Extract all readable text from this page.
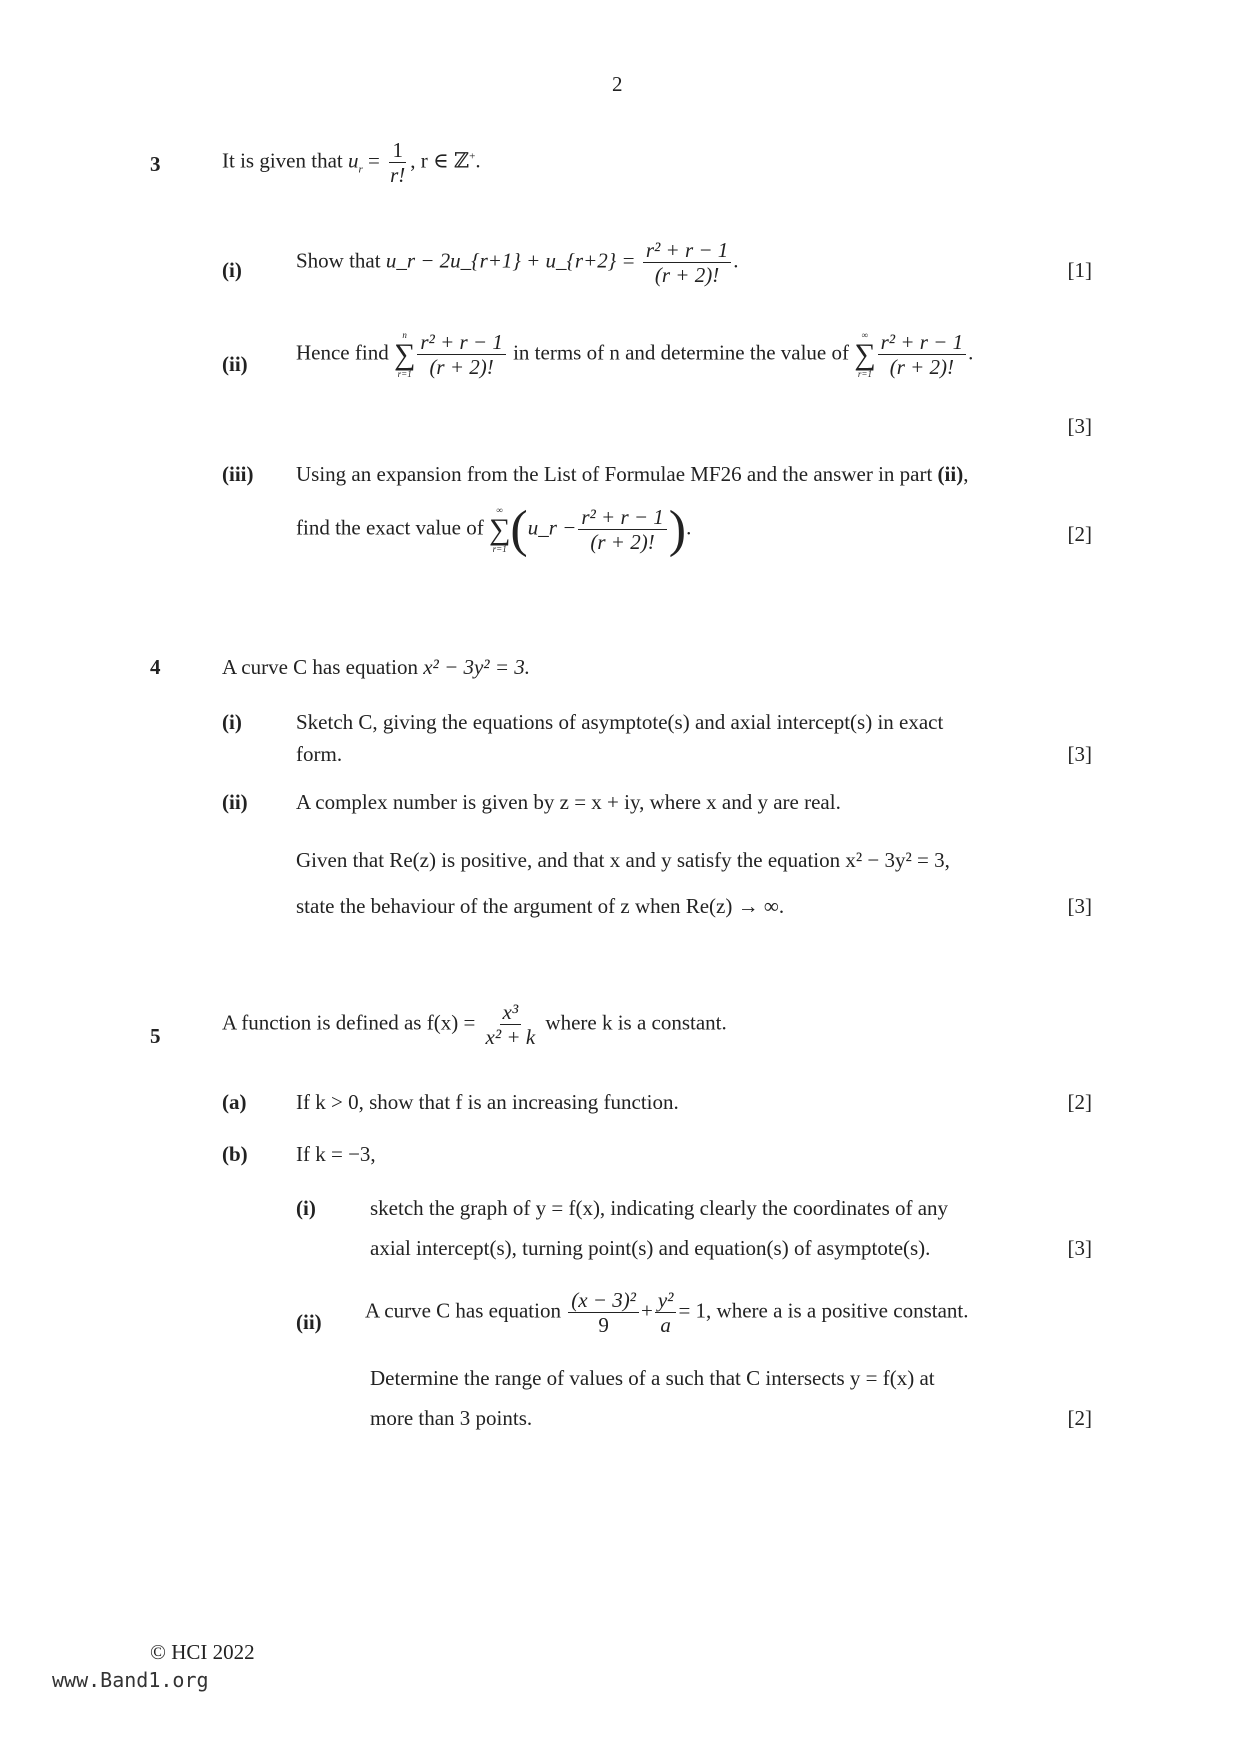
2
3	It is given that $u_r = \frac{1}{r!}$ , r ∈ ℤ+.
(i)	Show that u_r − 2u_{r+1} + u_{r+2} = $\frac{\text{r² + r − 1}}{(r + 2)!}$ .	[1]
(ii) Hence find
n
∑
$r=1 \frac{\text{r² + r − 1}}{(r + 2)!}$ in terms of n and determine the value of
∞
∑
$r=1 \frac{\text{r² + r − 1}}{(r + 2)!}$ .
[3]
(iii) Using an expansion from the List of Formulae MF26 and the answer in part (ii),
find the exact value of
∞
∑
r=1 (u_r − $\frac{\text{r² + r − 1}}{(r + 2)!}$ ).	[2]
4	A curve C has equation x² − 3y² = 3.
(i)	Sketch C, giving the equations of asymptote(s) and axial intercept(s) in exact
form.	[3]
(ii) A complex number is given by z = x + iy, where x and y are real.
Given that Re(z) is positive, and that x and y satisfy the equation x² − 3y² = 3,
state the behaviour of the argument of z when Re(z) → ∞.	[3]
5
A function is defined as $f(x) = \frac{\text{x³}}{\text{x² + k}}$ where k is a constant.
(a) If k > 0, show that f is an increasing function.	[2]
(b) If k = −3,
(i)	sketch the graph of y = f(x), indicating clearly the coordinates of any
axial intercept(s), turning point(s) and equation(s) of asymptote(s).	[3]
(ii) A curve C has equation $\frac{\text{(x − 3)²}}{9} + \frac{\text{y²}}{a} = 1$, where a is a positive constant.
Determine the range of values of a such that C intersects y = f(x) at
more than 3 points.	[2]
© HCI 2022
www.Band1.org
